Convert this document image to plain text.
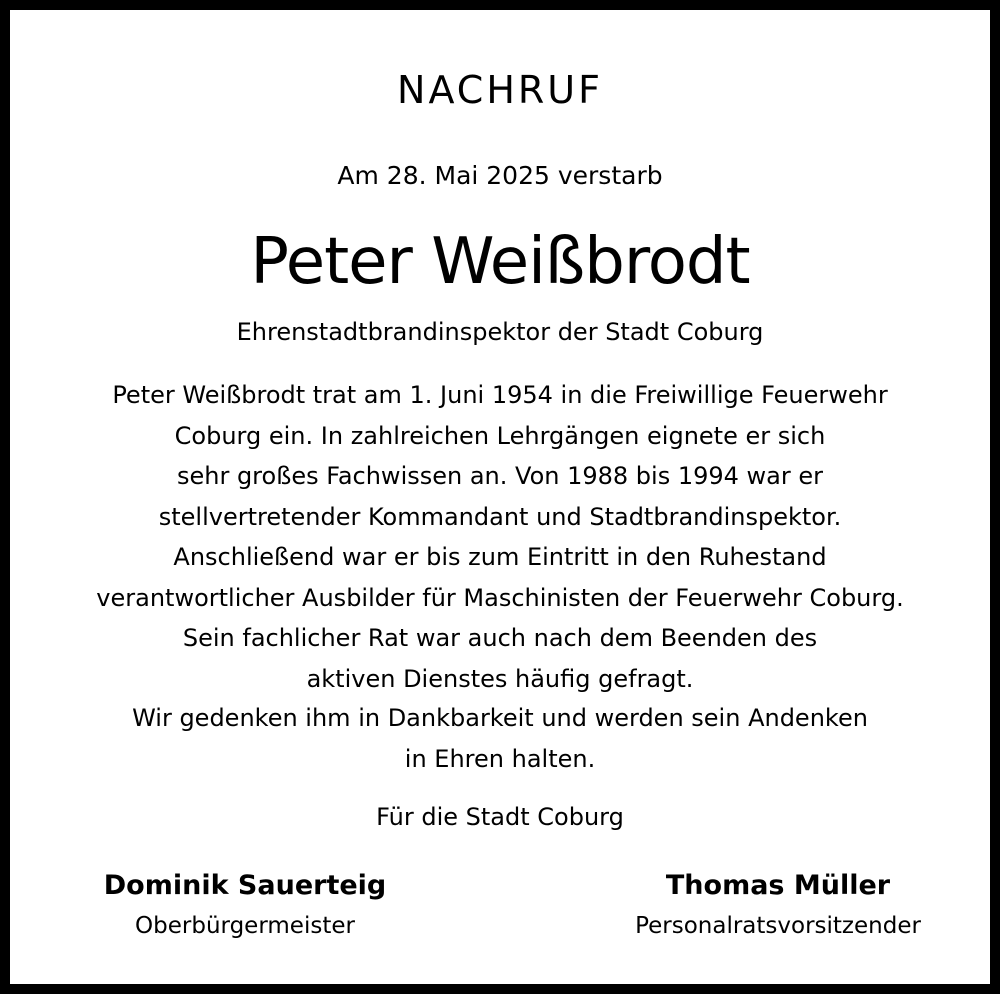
NACHRUF
Am 28. Mai 2025 verstarb
Peter Weißbrodt
Ehrenstadtbrandinspektor der Stadt Coburg
Peter Weißbrodt trat am 1. Juni 1954 in die Freiwillige Feuerwehr
Coburg ein. In zahlreichen Lehrgängen eignete er sich
sehr großes Fachwissen an. Von 1988 bis 1994 war er
stellvertretender Kommandant und Stadtbrandinspektor.
Anschließend war er bis zum Eintritt in den Ruhestand
verantwortlicher Ausbilder für Maschinisten der Feuerwehr Coburg.
Sein fachlicher Rat war auch nach dem Beenden des
aktiven Dienstes häufig gefragt.
Wir gedenken ihm in Dankbarkeit und werden sein Andenken
in Ehren halten.
Für die Stadt Coburg
Dominik Sauerteig
Oberbürgermeister
Thomas Müller
Personalratsvorsitzender
